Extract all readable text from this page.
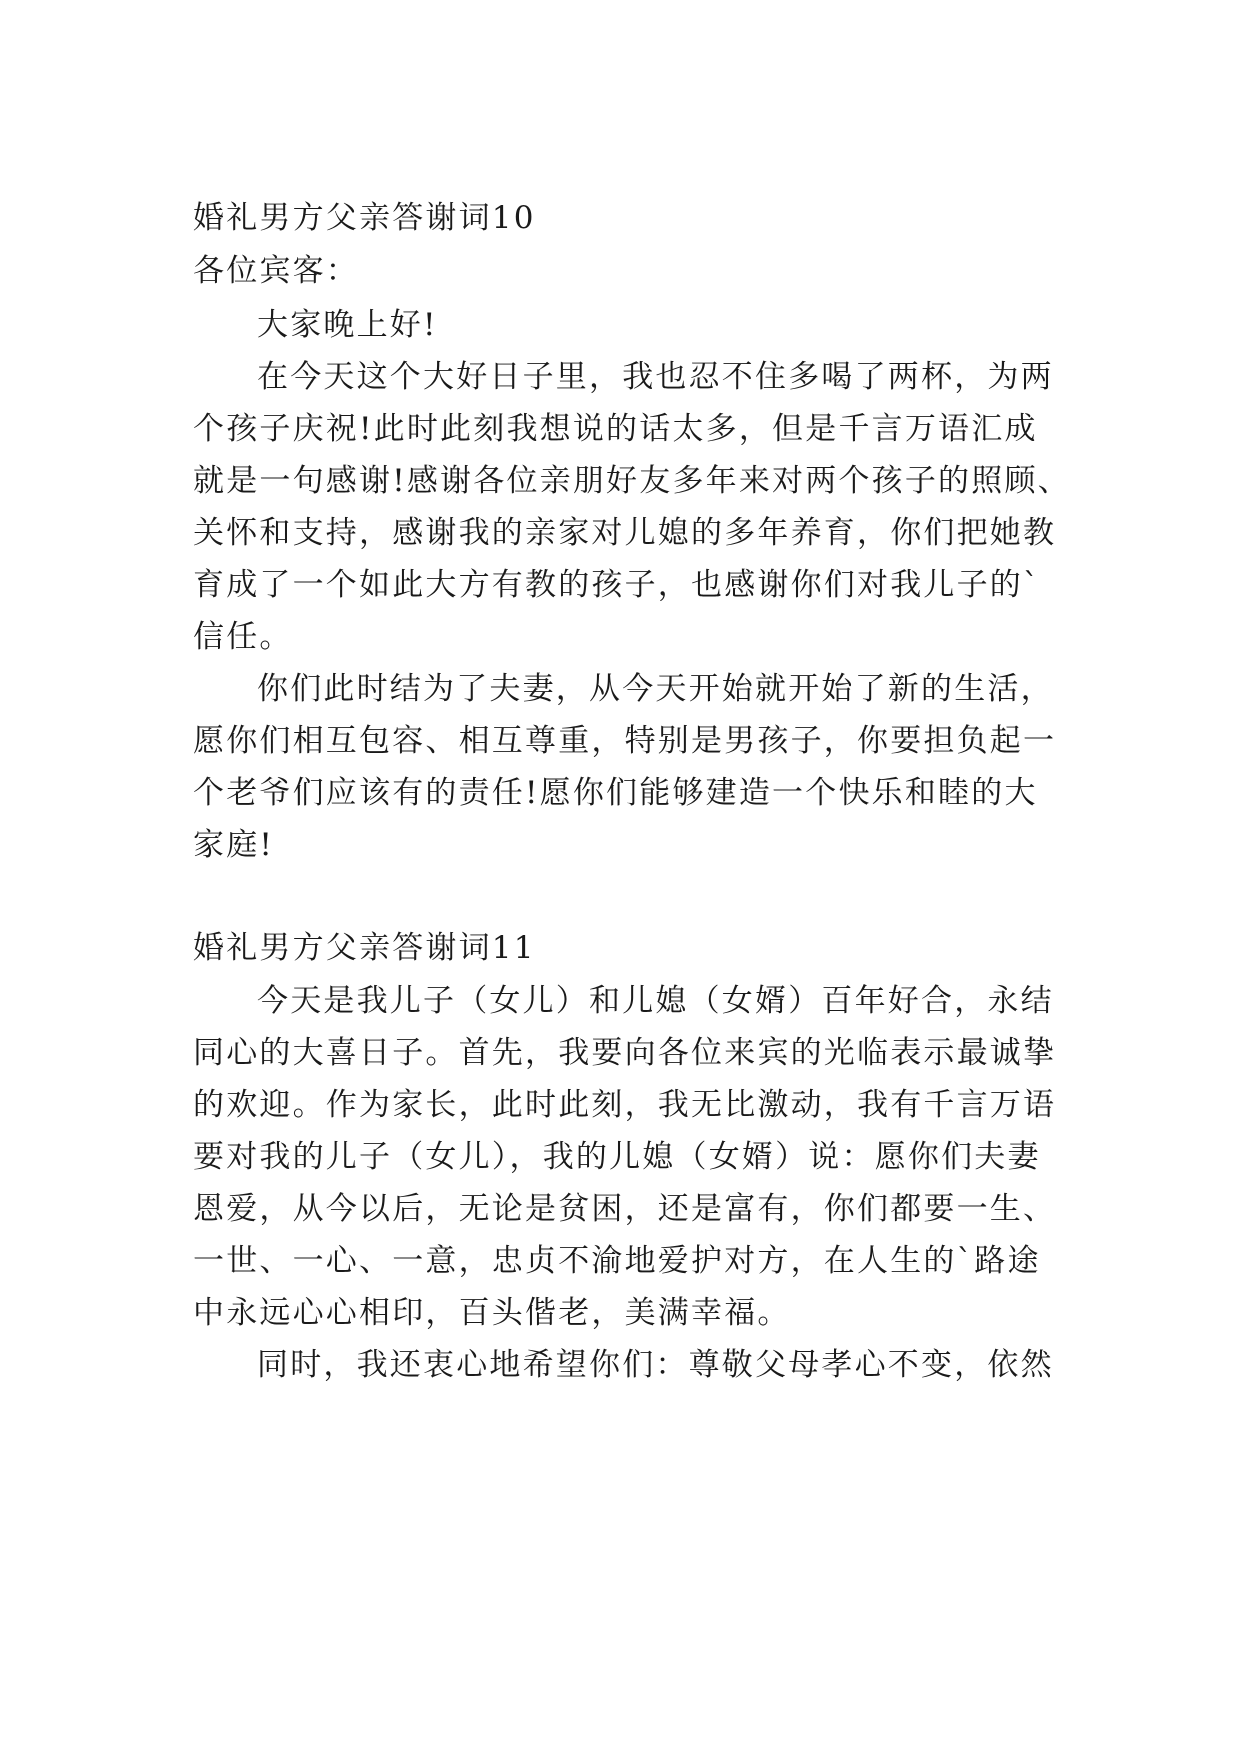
婚礼男方父亲答谢词10
各位宾客：
大家晚上好!
在今天这个大好日子里，我也忍不住多喝了两杯，为两
个孩子庆祝!此时此刻我想说的话太多，但是千言万语汇成
就是一句感谢!感谢各位亲朋好友多年来对两个孩子的照顾、
关怀和支持，感谢我的亲家对儿媳的多年养育，你们把她教
育成了一个如此大方有教的孩子，也感谢你们对我儿子的`
信任。
你们此时结为了夫妻，从今天开始就开始了新的生活，
愿你们相互包容、相互尊重，特别是男孩子，你要担负起一
个老爷们应该有的责任!愿你们能够建造一个快乐和睦的大
家庭!
婚礼男方父亲答谢词11
今天是我儿子（女儿）和儿媳（女婿）百年好合，永结
同心的大喜日子。首先，我要向各位来宾的光临表示最诚挚
的欢迎。作为家长，此时此刻，我无比激动，我有千言万语
要对我的儿子（女儿），我的儿媳（女婿）说：愿你们夫妻
恩爱，从今以后，无论是贫困，还是富有，你们都要一生、
一世、一心、一意，忠贞不渝地爱护对方，在人生的`路途
中永远心心相印，百头偕老，美满幸福。
同时，我还衷心地希望你们：尊敬父母孝心不变，依然
